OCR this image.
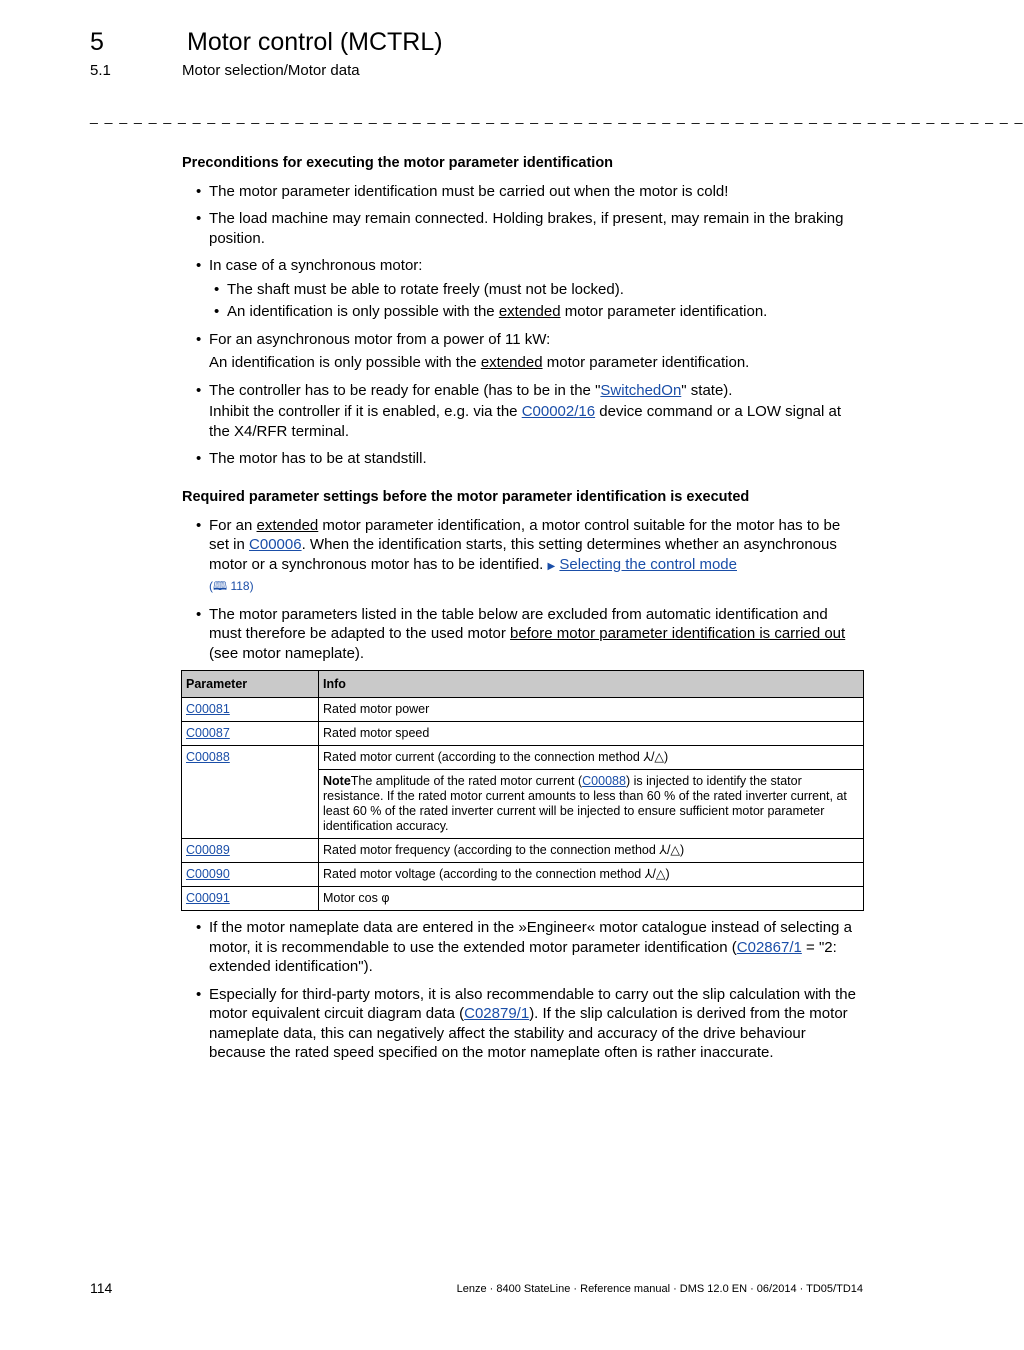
5	Motor control (MCTRL)
5.1	Motor selection/Motor data
_ _ _ _ _ _ _ _ _ _ _ _ _ _ _ _ _ _ _ _ _ _ _ _ _ _ _ _ _ _ _ _ _ _ _ _ _ _ _ _ _ _ _ _ _ _ _ _ _ _ _ _ _ _ _ _ _ _ _ _ _ _ _ _
Preconditions for executing the motor parameter identification
• The motor parameter identification must be carried out when the motor is cold!
• The load machine may remain connected. Holding brakes, if present, may remain in the braking position.
• In case of a synchronous motor:
• The shaft must be able to rotate freely (must not be locked).
• An identification is only possible with the extended motor parameter identification.
• For an asynchronous motor from a power of 11 kW:
An identification is only possible with the extended motor parameter identification.
• The controller has to be ready for enable (has to be in the "SwitchedOn" state).
Inhibit the controller if it is enabled, e.g. via the C00002/16 device command or a LOW signal at the X4/RFR terminal.
• The motor has to be at standstill.
Required parameter settings before the motor parameter identification is executed
• For an extended motor parameter identification, a motor control suitable for the motor has to be set in C00006. When the identification starts, this setting determines whether an asynchronous motor or a synchronous motor has to be identified. ▶ Selecting the control mode
(🕮 118)
• The motor parameters listed in the table below are excluded from automatic identification and must therefore be adapted to the used motor before motor parameter identification is carried out (see motor nameplate).
Parameter	Info
C00081	Rated motor power
C00087	Rated motor speed
C00088	Rated motor current (according to the connection method ⅄/△)
	NoteThe amplitude of the rated motor current (C00088) is injected to identify the stator resistance. If the rated motor current amounts to less than 60 % of the rated inverter current, at least 60 % of the rated inverter current will be injected to ensure sufficient motor parameter identification accuracy.
C00089	Rated motor frequency (according to the connection method ⅄/△)
C00090	Rated motor voltage (according to the connection method ⅄/△)
C00091	Motor cos φ
• If the motor nameplate data are entered in the »Engineer« motor catalogue instead of selecting a motor, it is recommendable to use the extended motor parameter identification (C02867/1 = "2: extended identification").
• Especially for third-party motors, it is also recommendable to carry out the slip calculation with the motor equivalent circuit diagram data (C02879/1). If the slip calculation is derived from the motor nameplate data, this can negatively affect the stability and accuracy of the drive behaviour because the rated speed specified on the motor nameplate often is rather inaccurate.
114	Lenze · 8400 StateLine · Reference manual · DMS 12.0 EN · 06/2014 · TD05/TD14
